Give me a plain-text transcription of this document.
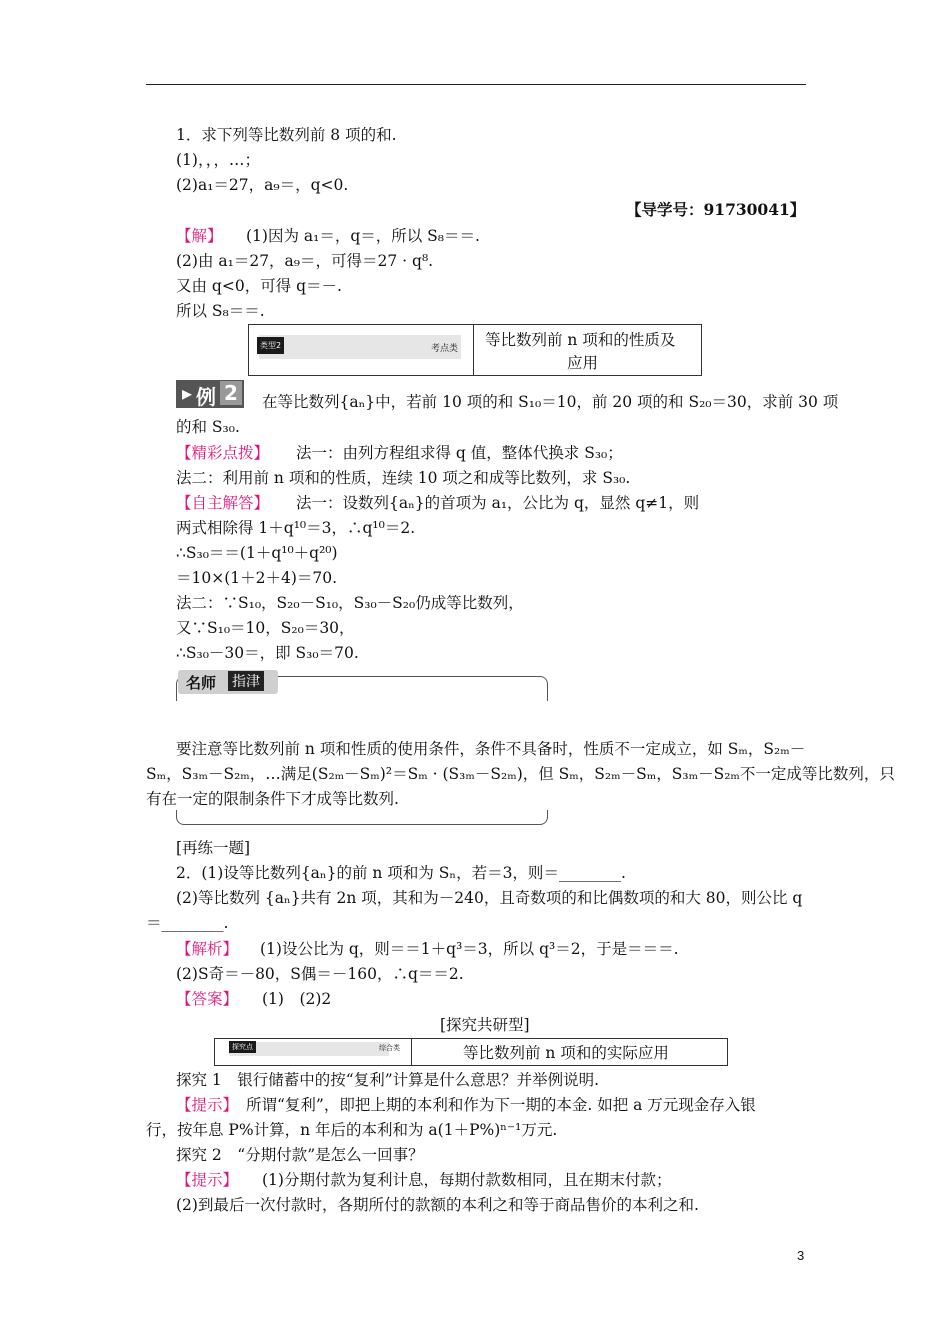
1．求下列等比数列前 8 项的和.
(1)，，，…；
(2)a₁＝27，a₉＝，q<0.
【导学号：91730041】
【解】 (1)因为 a₁＝，q＝，所以 S₈＝＝.
(2)由 a₁＝27，a₉＝，可得＝27 · q⁸.
又由 q<0，可得 q＝－.
所以 S₈＝＝.
类型2	考点类 等比数列前 n 项和的性质及
应用
▸ 例 2 在等比数列{aₙ}中，若前 10 项的和 S₁₀＝10，前 20 项的和 S₂₀＝30，求前 30 项
的和 S₃₀.
【精彩点拨】 法一：由列方程组求得 q 值，整体代换求 S₃₀；
法二：利用前 n 项和的性质，连续 10 项之和成等比数列，求 S₃₀.
【自主解答】 法一：设数列{aₙ}的首项为 a₁，公比为 q，显然 q≠1，则
两式相除得 1＋q¹⁰＝3，∴q¹⁰＝2.
∴S₃₀＝＝(1＋q¹⁰＋q²⁰)
＝10×(1＋2＋4)＝70.
法二：∵S₁₀，S₂₀－S₁₀，S₃₀－S₂₀仍成等比数列，
又∵S₁₀＝10，S₂₀＝30，
∴S₃₀－30＝，即 S₃₀＝70.
名师 指津
要注意等比数列前 n 项和性质的使用条件，条件不具备时，性质不一定成立，如 Sₘ，S₂ₘ－
Sₘ，S₃ₘ－S₂ₘ，…满足(S₂ₘ－Sₘ)²＝Sₘ · (S₃ₘ－S₂ₘ)，但 Sₘ，S₂ₘ－Sₘ，S₃ₘ－S₂ₘ不一定成等比数列，只
有在一定的限制条件下才成等比数列.
[再练一题]
2．(1)设等比数列{aₙ}的前 n 项和为 Sₙ，若＝3，则＝________.
(2)等比数列 {aₙ}共有 2n 项，其和为－240，且奇数项的和比偶数项的和大 80，则公比 q
＝________.
【解析】 (1)设公比为 q，则＝＝1＋q³＝3，所以 q³＝2，于是＝＝＝.
(2)S奇＝－80，S偶＝－160，∴q＝＝2.
【答案】 (1)　(2)2
[探究共研型]
探究点	综合类	等比数列前 n 项和的实际应用
探究 1　银行储蓄中的按“复利”计算是什么意思？并举例说明.
【提示】 所谓“复利”，即把上期的本利和作为下一期的本金. 如把 a 万元现金存入银
行，按年息 P%计算，n 年后的本利和为 a(1＋P%)ⁿ⁻¹万元.
探究 2　“分期付款”是怎么一回事？
【提示】 (1)分期付款为复利计息，每期付款数相同，且在期末付款；
(2)到最后一次付款时，各期所付的款额的本利之和等于商品售价的本利之和.
3
